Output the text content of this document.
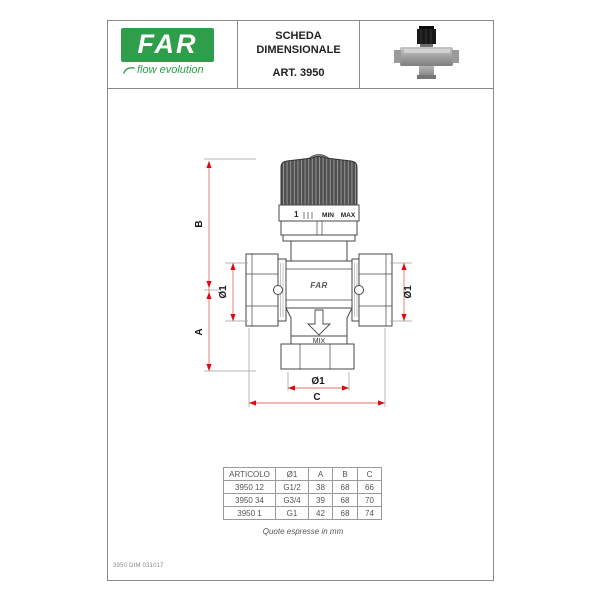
FAR
flow evolution
SCHEDA
DIMENSIONALE
ART. 3950
1	MIN MAX
FAR
MIX
B
A
Ø1	Ø1
Ø1
C
ARTICOLO	Ø1	A	B	C
3950 12	G1/2	38	68	66
3950 34	G3/4	39	68	70
3950 1	G1	42	68	74
Quote espresse in mm
3950 DIM 031017
